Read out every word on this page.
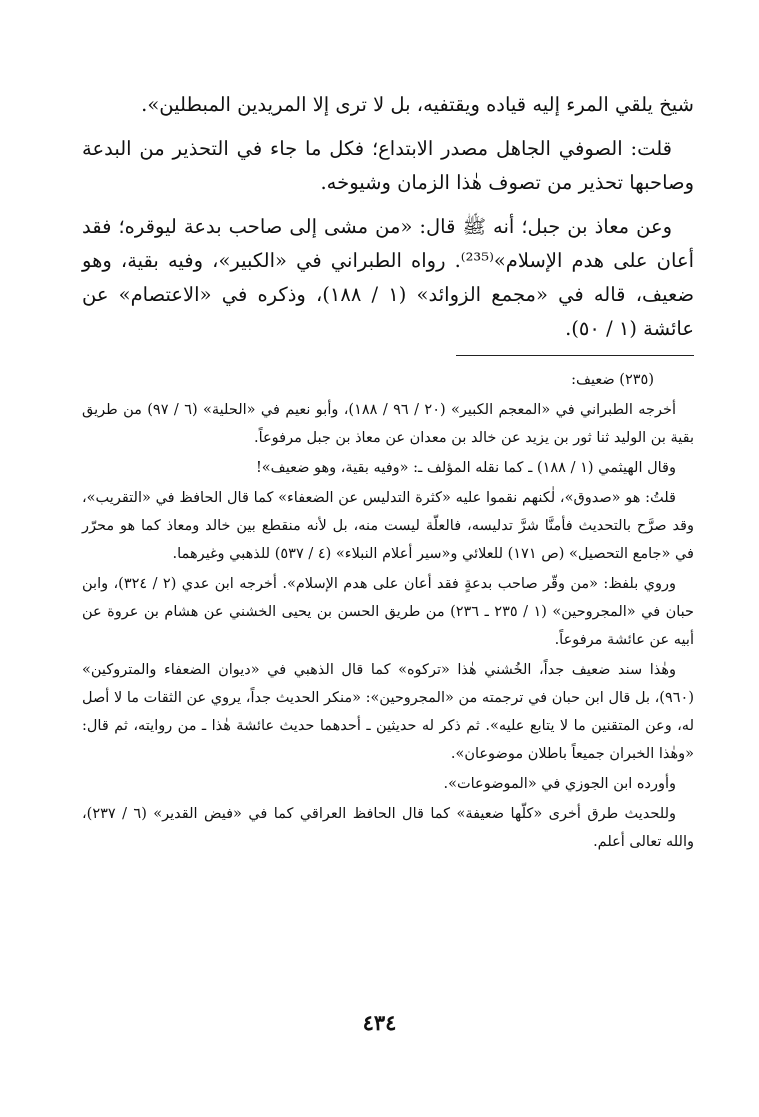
شيخ يلقي المرء إليه قياده ويقتفيه، بل لا ترى إلا المريدين المبطلين».

قلت: الصوفي الجاهل مصدر الابتداع؛ فكل ما جاء في التحذير من البدعة وصاحبها تحذير من تصوف هٰذا الزمان وشيوخه.

وعن معاذ بن جبل؛ أنه ﷺ قال: «من مشى إلى صاحب بدعة ليوقره؛ فقد أعان على هدم الإسلام»⁽²³⁵⁾. رواه الطبراني في «الكبير»، وفيه بقية، وهو ضعيف، قاله في «مجمع الزوائد» (١ / ١٨٨)، وذكره في «الاعتصام» عن عائشة (١ / ٥٠).

(٢٣٥) ضعيف:

أخرجه الطبراني في «المعجم الكبير» (٢٠ / ٩٦ / ١٨٨)، وأبو نعيم في «الحلية» (٦ / ٩٧) من طريق بقية بن الوليد ثنا ثور بن يزيد عن خالد بن معدان عن معاذ بن جبل مرفوعاً.

وقال الهيثمي (١ / ١٨٨) ـ كما نقله المؤلف ـ: «وفيه بقية، وهو ضعيف»!

قلتُ: هو «صدوق»، لٰكنهم نقموا عليه «كثرة التدليس عن الضعفاء» كما قال الحافظ في «التقريب»، وقد صرَّح بالتحديث فأمنَّا شرَّ تدليسه، فالعلّة ليست منه، بل لأنه منقطع بين خالد ومعاذ كما هو محرّر في «جامع التحصيل» (ص ١٧١) للعلائي و«سير أعلام النبلاء» (٤ / ٥٣٧) للذهبي وغيرهما.

وروي بلفظ: «من وقّر صاحب بدعةٍ فقد أعان على هدم الإسلام». أخرجه ابن عدي (٢ / ٣٢٤)، وابن حبان في «المجروحين» (١ / ٢٣٥ ـ ٢٣٦) من طريق الحسن بن يحيى الخشني عن هشام بن عروة عن أبيه عن عائشة مرفوعاً.

وهٰذا سند ضعيف جداً، الخُشني هٰذا «تركوه» كما قال الذهبي في «ديوان الضعفاء والمتروكين» (٩٦٠)، بل قال ابن حبان في ترجمته من «المجروحين»: «منكر الحديث جداً، يروي عن الثقات ما لا أصل له، وعن المتقنين ما لا يتابع عليه». ثم ذكر له حديثين ـ أحدهما حديث عائشة هٰذا ـ من روايته، ثم قال: «وهٰذا الخبران جميعاً باطلان موضوعان».

وأورده ابن الجوزي في «الموضوعات».

وللحديث طرق أخرى «كلّها ضعيفة» كما قال الحافظ العراقي كما في «فيض القدير» (٦ / ٢٣٧)، والله تعالى أعلم.

٤٣٤
